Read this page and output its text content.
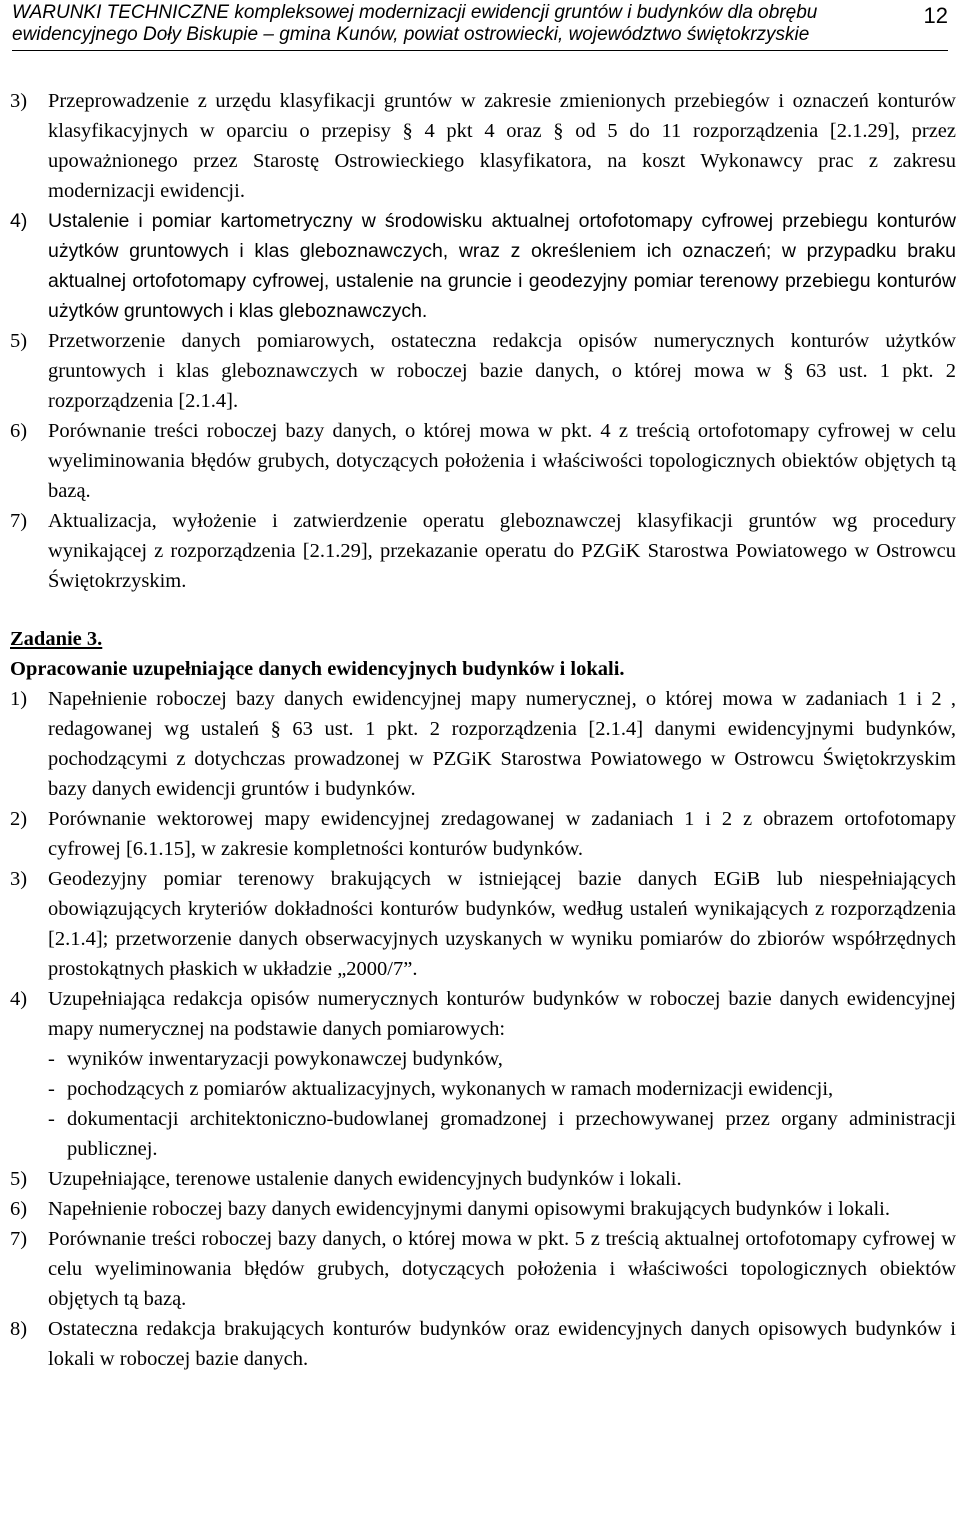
WARUNKI TECHNICZNE kompleksowej modernizacji ewidencji gruntów i budynków dla obrębu
ewidencyjnego Doły Biskupie – gmina Kunów, powiat ostrowiecki, województwo świętokrzyskie
12
3) Przeprowadzenie z urzędu klasyfikacji gruntów w zakresie zmienionych przebiegów i oznaczeń konturów klasyfikacyjnych w oparciu o przepisy § 4 pkt 4 oraz § od 5 do 11 rozporządzenia [2.1.29], przez upoważnionego przez Starostę Ostrowieckiego klasyfikatora, na koszt Wykonawcy prac z zakresu modernizacji ewidencji.
4) Ustalenie i pomiar kartometryczny w środowisku aktualnej ortofotomapy cyfrowej przebiegu konturów użytków gruntowych i klas gleboznawczych, wraz z określeniem ich oznaczeń; w przypadku braku aktualnej ortofotomapy cyfrowej, ustalenie na gruncie i geodezyjny pomiar terenowy przebiegu konturów użytków gruntowych i klas gleboznawczych.
5) Przetworzenie danych pomiarowych, ostateczna redakcja opisów numerycznych konturów użytków gruntowych i klas gleboznawczych w roboczej bazie danych, o której mowa w § 63 ust. 1 pkt. 2 rozporządzenia [2.1.4].
6) Porównanie treści roboczej bazy danych, o której mowa w pkt. 4 z treścią ortofotomapy cyfrowej w celu wyeliminowania błędów grubych, dotyczących położenia i właściwości topologicznych obiektów objętych tą bazą.
7) Aktualizacja, wyłożenie i zatwierdzenie operatu gleboznawczej klasyfikacji gruntów wg procedury wynikającej z rozporządzenia [2.1.29], przekazanie operatu do PZGiK Starostwa Powiatowego w Ostrowcu Świętokrzyskim.
Zadanie 3.
Opracowanie uzupełniające danych ewidencyjnych budynków i lokali.
1) Napełnienie roboczej bazy danych ewidencyjnej mapy numerycznej, o której mowa w zadaniach 1 i 2 , redagowanej wg ustaleń § 63 ust. 1 pkt. 2 rozporządzenia [2.1.4] danymi ewidencyjnymi budynków, pochodzącymi z dotychczas prowadzonej w PZGiK Starostwa Powiatowego w Ostrowcu Świętokrzyskim bazy danych ewidencji gruntów i budynków.
2) Porównanie wektorowej mapy ewidencyjnej zredagowanej w zadaniach 1 i 2 z obrazem ortofotomapy cyfrowej [6.1.15], w zakresie kompletności konturów budynków.
3) Geodezyjny pomiar terenowy brakujących w istniejącej bazie danych EGiB lub niespełniających obowiązujących kryteriów dokładności konturów budynków, według ustaleń wynikających z rozporządzenia [2.1.4]; przetworzenie danych obserwacyjnych uzyskanych w wyniku pomiarów do zbiorów współrzędnych prostokątnych płaskich w układzie „2000/7”.
4) Uzupełniająca redakcja opisów numerycznych konturów budynków w roboczej bazie danych ewidencyjnej mapy numerycznej na podstawie danych pomiarowych:
- wyników inwentaryzacji powykonawczej budynków,
- pochodzących z pomiarów aktualizacyjnych, wykonanych w ramach modernizacji ewidencji,
- dokumentacji architektoniczno-budowlanej gromadzonej i przechowywanej przez organy administracji publicznej.
5) Uzupełniające, terenowe ustalenie danych ewidencyjnych budynków i lokali.
6) Napełnienie roboczej bazy danych ewidencyjnymi danymi opisowymi brakujących budynków i lokali.
7) Porównanie treści roboczej bazy danych, o której mowa w pkt. 5 z treścią aktualnej ortofotomapy cyfrowej w celu wyeliminowania błędów grubych, dotyczących położenia i właściwości topologicznych obiektów objętych tą bazą.
8) Ostateczna redakcja brakujących konturów budynków oraz ewidencyjnych danych opisowych budynków i lokali w roboczej bazie danych.
